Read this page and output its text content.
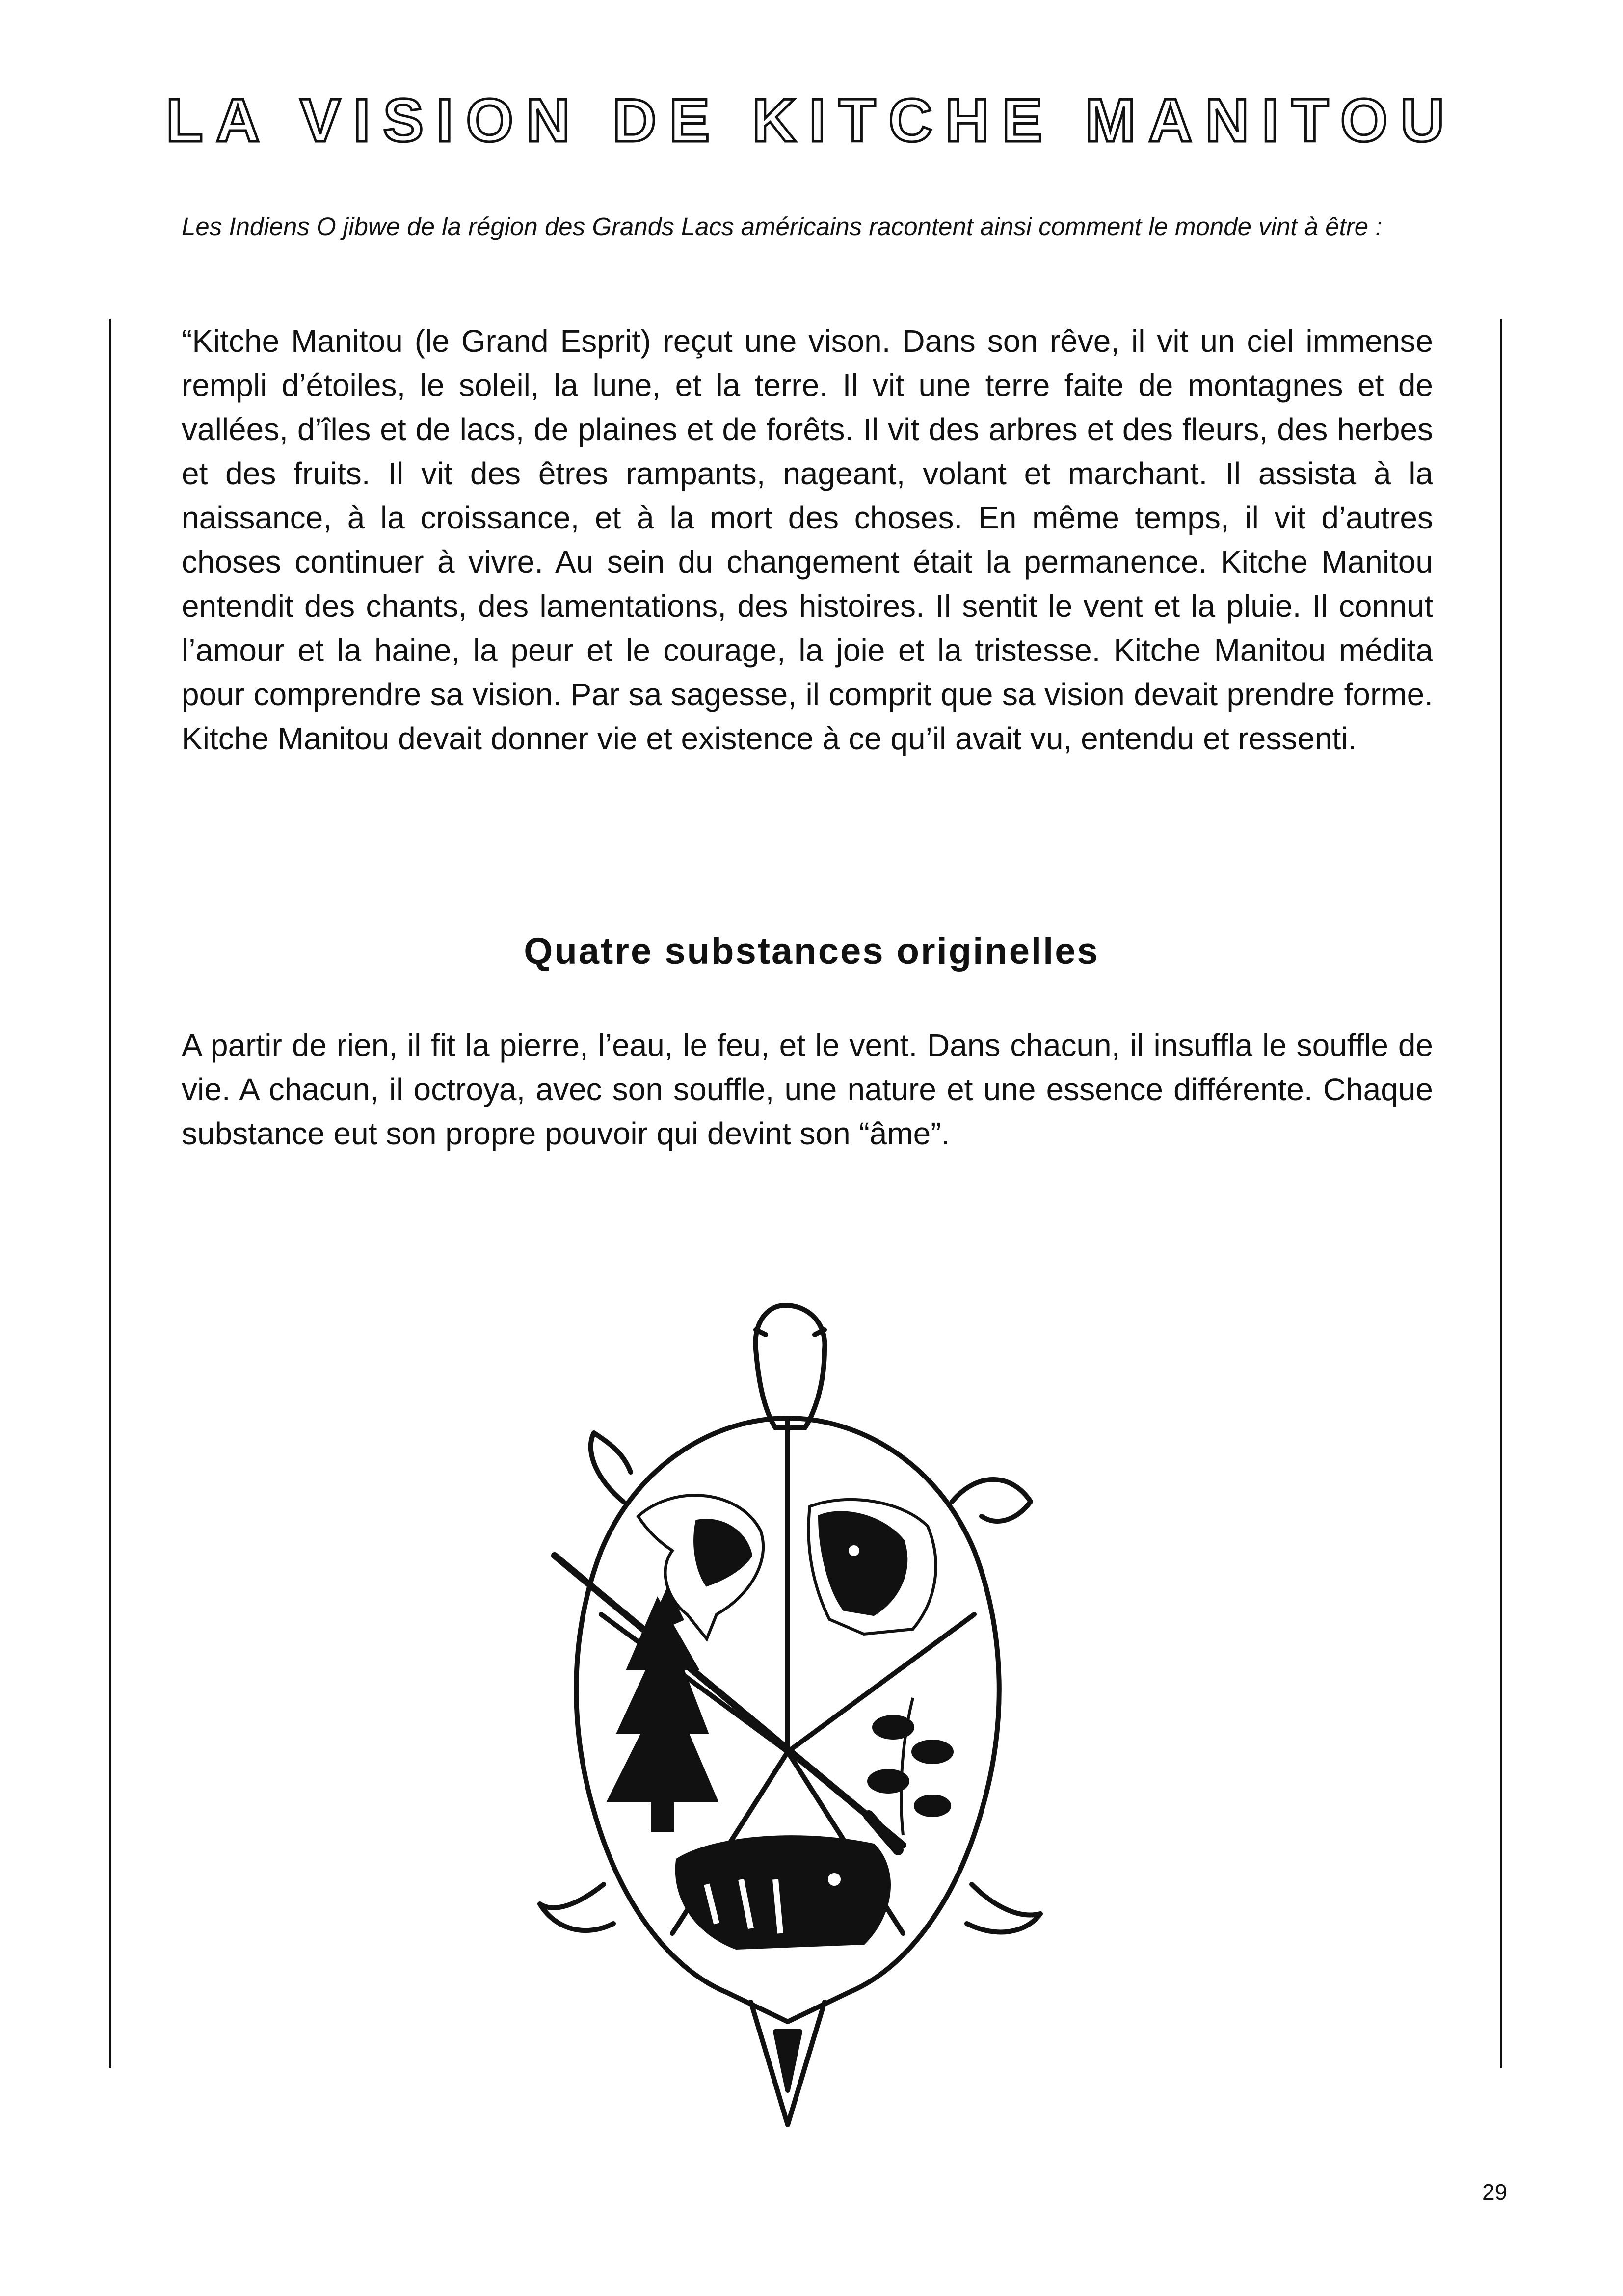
LA VISION DE KITCHE MANITOU
Les Indiens O jibwe de la région des Grands Lacs américains racontent ainsi comment le monde vint à être :
“Kitche Manitou (le Grand Esprit) reçut une vison. Dans son rêve, il vit un ciel immense rempli d’étoiles, le soleil, la lune, et la terre. Il vit une terre faite de montagnes et de vallées, d’îles et de lacs, de plaines et de forêts. Il vit des arbres et des fleurs, des herbes et des fruits. Il vit des êtres rampants, nageant, volant et marchant. Il assista à la naissance, à la croissance, et à la mort des choses. En même temps, il vit d’autres choses continuer à vivre. Au sein du changement était la permanence. Kitche Manitou entendit des chants, des lamentations, des histoires. Il sentit le vent et la pluie. Il connut l’amour et la haine, la peur et le courage, la joie et la tristesse. Kitche Manitou médita pour comprendre sa vision. Par sa sagesse, il comprit que sa vision devait prendre forme. Kitche Manitou devait donner vie et existence à ce qu’il avait vu, entendu et ressenti.
Quatre substances originelles
A partir de rien, il fit la pierre, l’eau, le feu, et le vent. Dans chacun, il insuffla le souffle de vie. A chacun, il octroya, avec son souffle, une nature et une essence différente. Chaque substance eut son propre pouvoir qui devint son “âme”.
29
